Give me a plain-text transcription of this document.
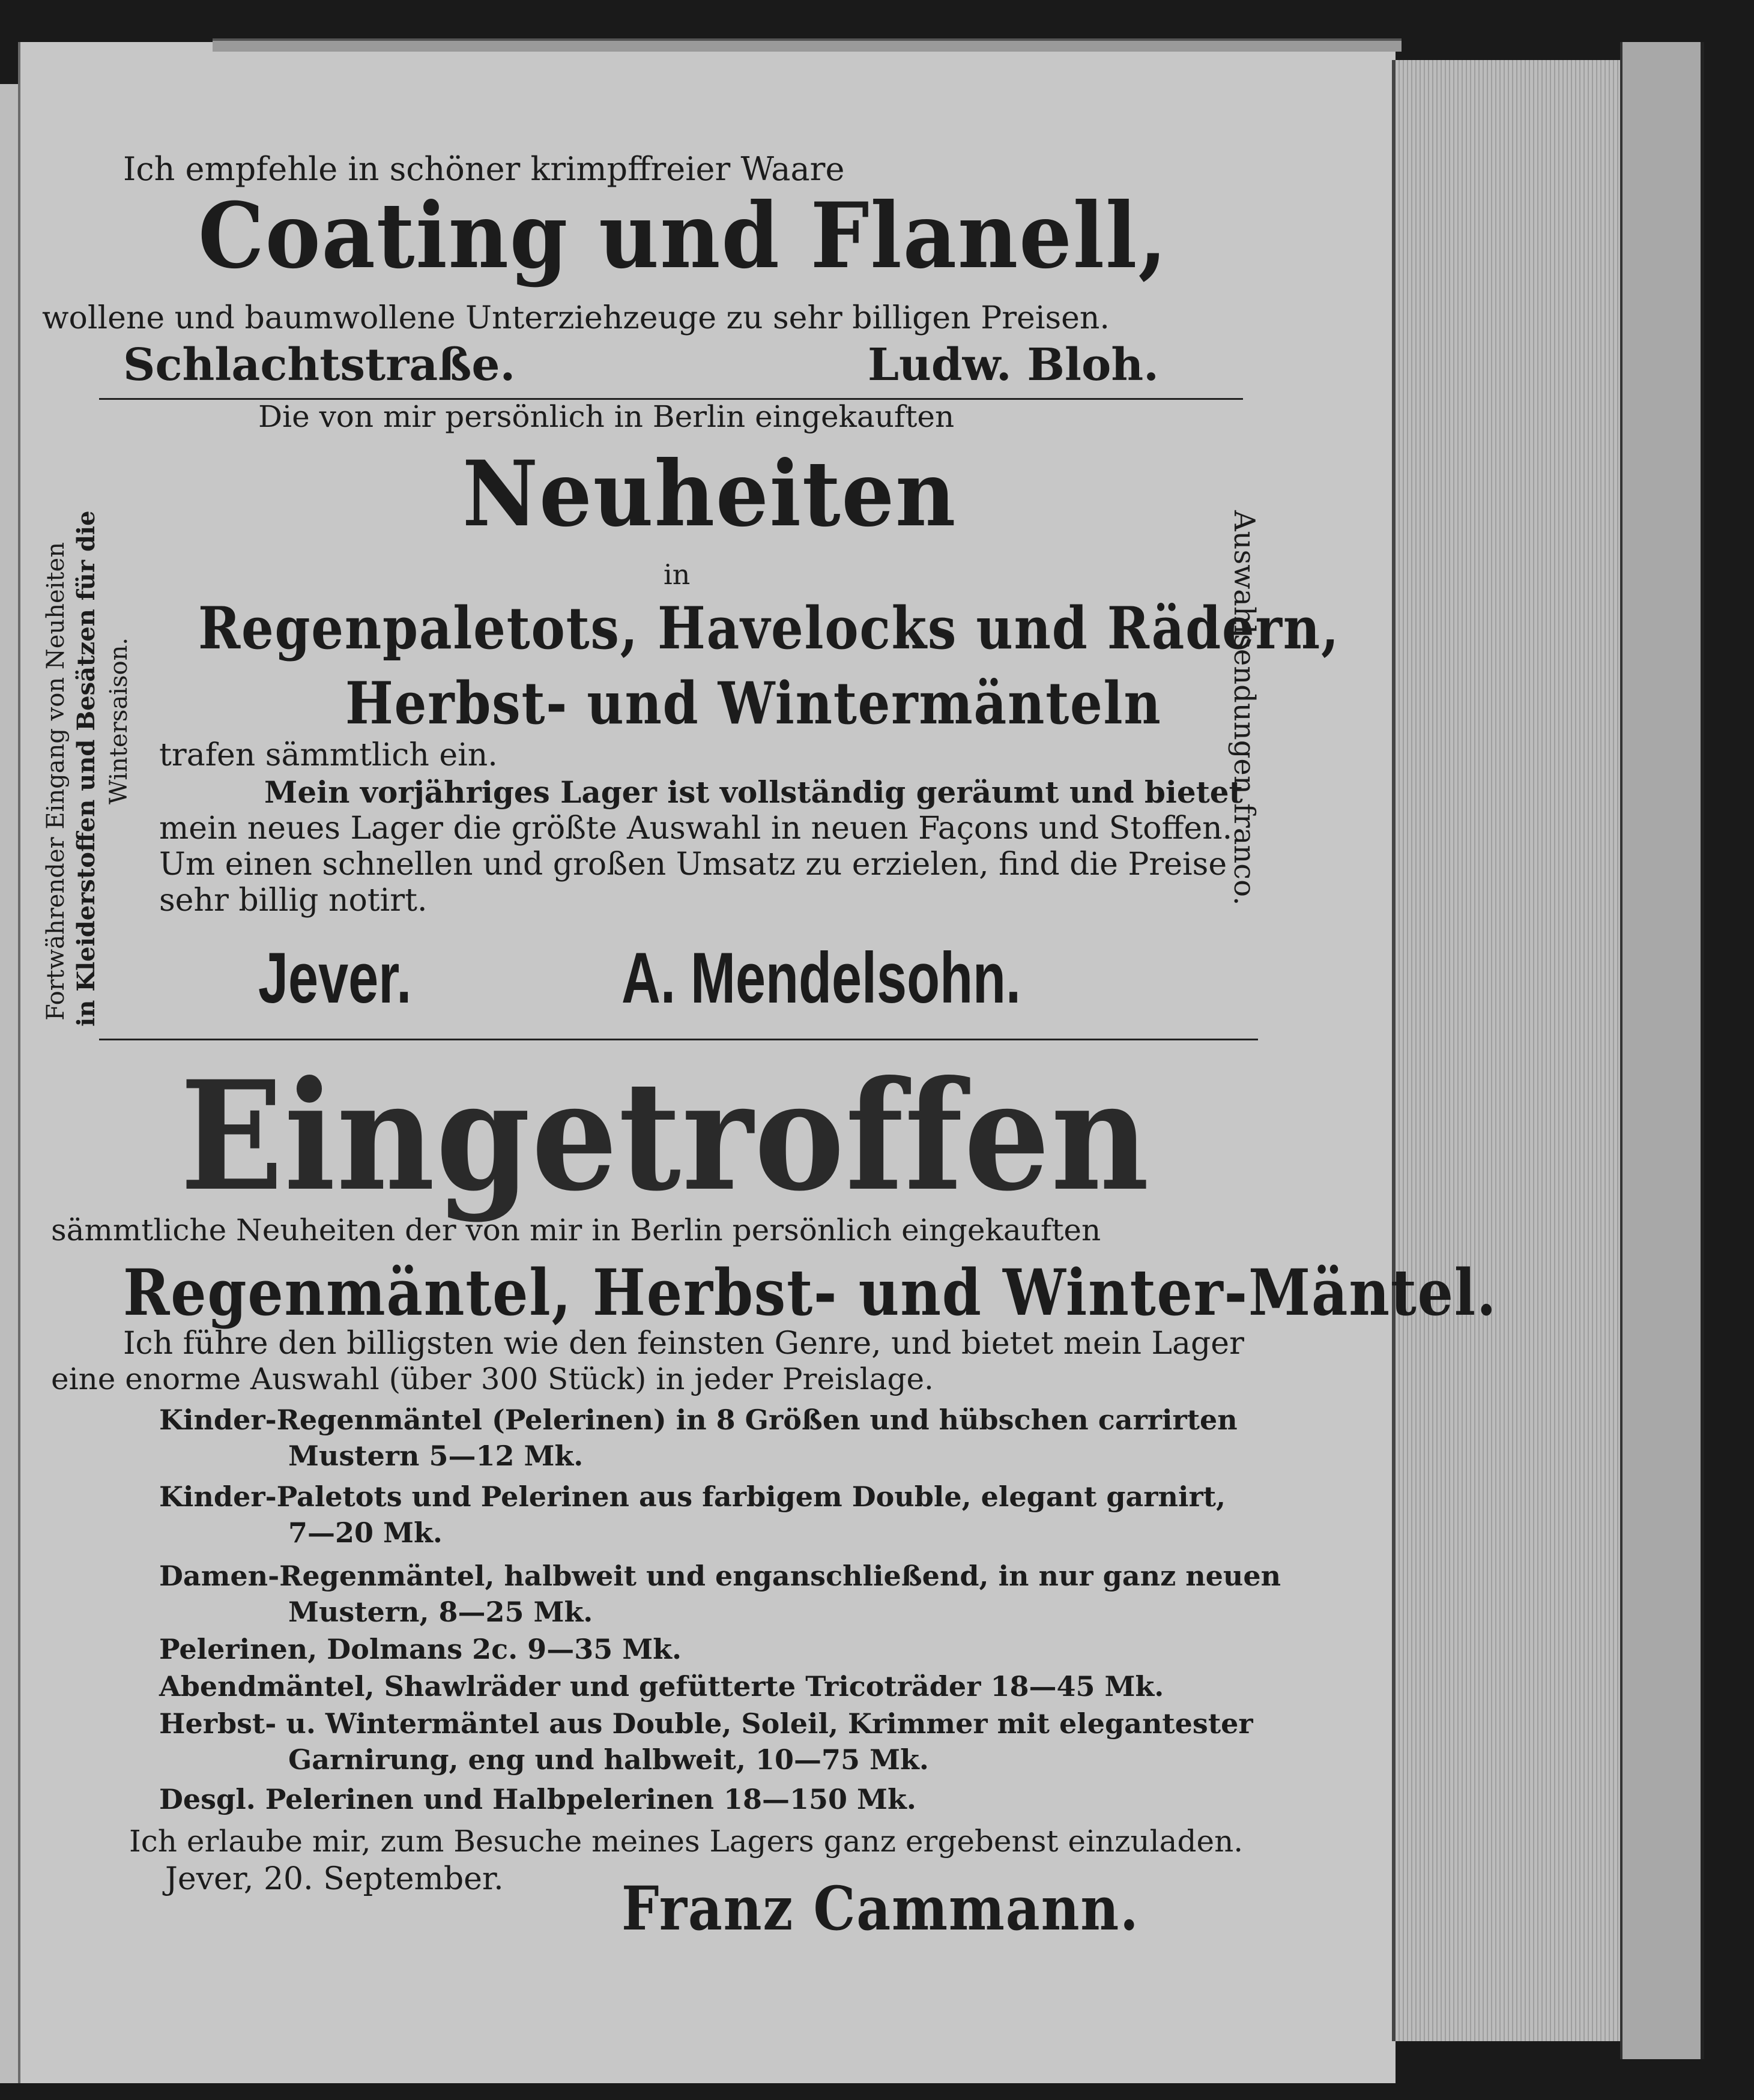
Ich empfehle in schöner krimpffreier Waare
Coating und Flanell,
wollene und baumwollene Unterziehzeuge zu sehr billigen Preisen.
Schlachtstraße.	Ludw. Bloh.
Fortwährender Eingang von Neuheiten in Kleiderstoffen und Besätzen für die Wintersaison.	Auswahlsendungen franco.
Die von mir persönlich in Berlin eingekauften
Neuheiten
in
Regenpaletots, Havelocks und Rädern,
Herbst- und Wintermänteln
trafen sämmtlich ein.
Mein vorjähriges Lager ist vollständig geräumt und bietet
mein neues Lager die größte Auswahl in neuen Façons und Stoffen.
Um einen schnellen und großen Umsatz zu erzielen, find die Preise
sehr billig notirt.
Jever.	A. Mendelsohn.
Eingetroffen
sämmtliche Neuheiten der von mir in Berlin persönlich eingekauften
Regenmäntel, Herbst- und Winter-Mäntel.
Ich führe den billigsten wie den feinsten Genre, und bietet mein Lager
eine enorme Auswahl (über 300 Stück) in jeder Preislage.
Kinder-Regenmäntel (Pelerinen) in 8 Größen und hübschen carrirten
Mustern 5—12 Mk.
Kinder-Paletots und Pelerinen aus farbigem Double, elegant garnirt,
7—20 Mk.
Damen-Regenmäntel, halbweit und enganschließend, in nur ganz neuen
Mustern, 8—25 Mk.
Pelerinen, Dolmans 2c. 9—35 Mk.
Abendmäntel, Shawlräder und gefütterte Tricoträder 18—45 Mk.
Herbst- u. Wintermäntel aus Double, Soleil, Krimmer mit elegantester
Garnirung, eng und halbweit, 10—75 Mk.
Desgl. Pelerinen und Halbpelerinen 18—150 Mk.
Ich erlaube mir, zum Besuche meines Lagers ganz ergebenst einzuladen.
Jever, 20. September. Franz Cammann.
